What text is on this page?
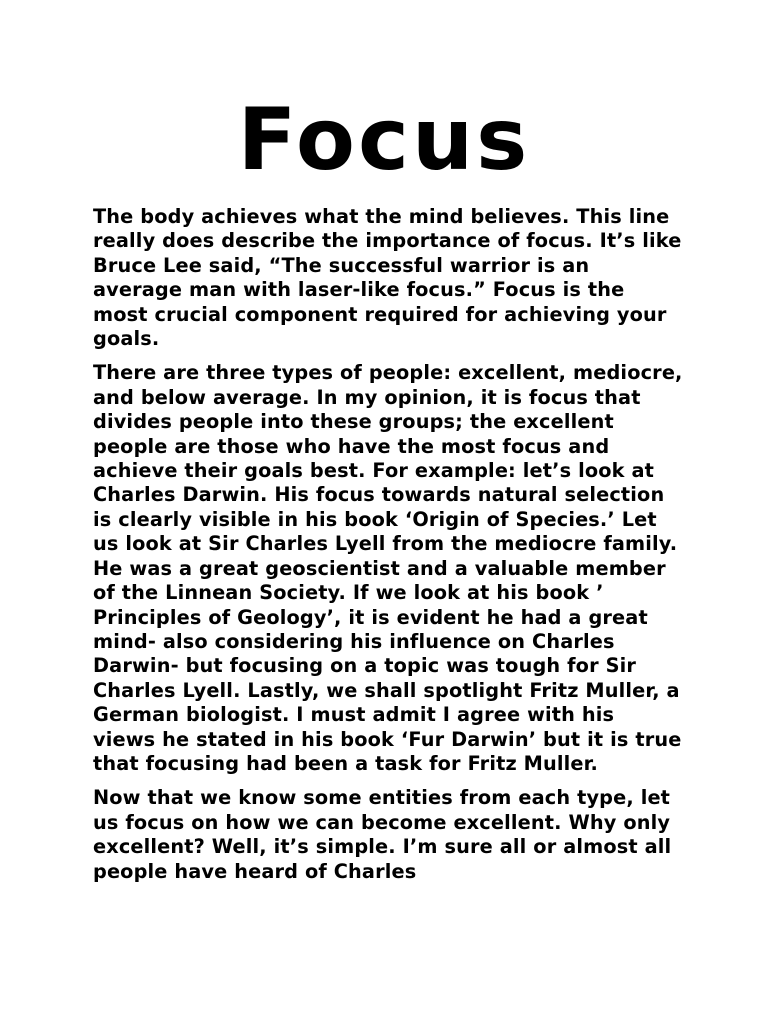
Focus

The body achieves what the mind believes. This line really does describe the importance of focus. It’s like Bruce Lee said, “The successful warrior is an average man with laser-like focus.” Focus is the most crucial component required for achieving your goals.

There are three types of people: excellent, mediocre, and below average. In my opinion, it is focus that divides people into these groups; the excellent people are those who have the most focus and achieve their goals best. For example: let’s look at Charles Darwin. His focus towards natural selection is clearly visible in his book ‘Origin of Species.’ Let us look at Sir Charles Lyell from the mediocre family. He was a great geoscientist and a valuable member of the Linnean Society. If we look at his book ’ Principles of Geology’, it is evident he had a great mind- also considering his influence on Charles Darwin- but focusing on a topic was tough for Sir Charles Lyell. Lastly, we shall spotlight Fritz Muller, a German biologist. I must admit I agree with his views he stated in his book ‘Fur Darwin’ but it is true that focusing had been a task for Fritz Muller.

Now that we know some entities from each type, let us focus on how we can become excellent. Why only excellent? Well, it’s simple. I’m sure all or almost all people have heard of Charles
